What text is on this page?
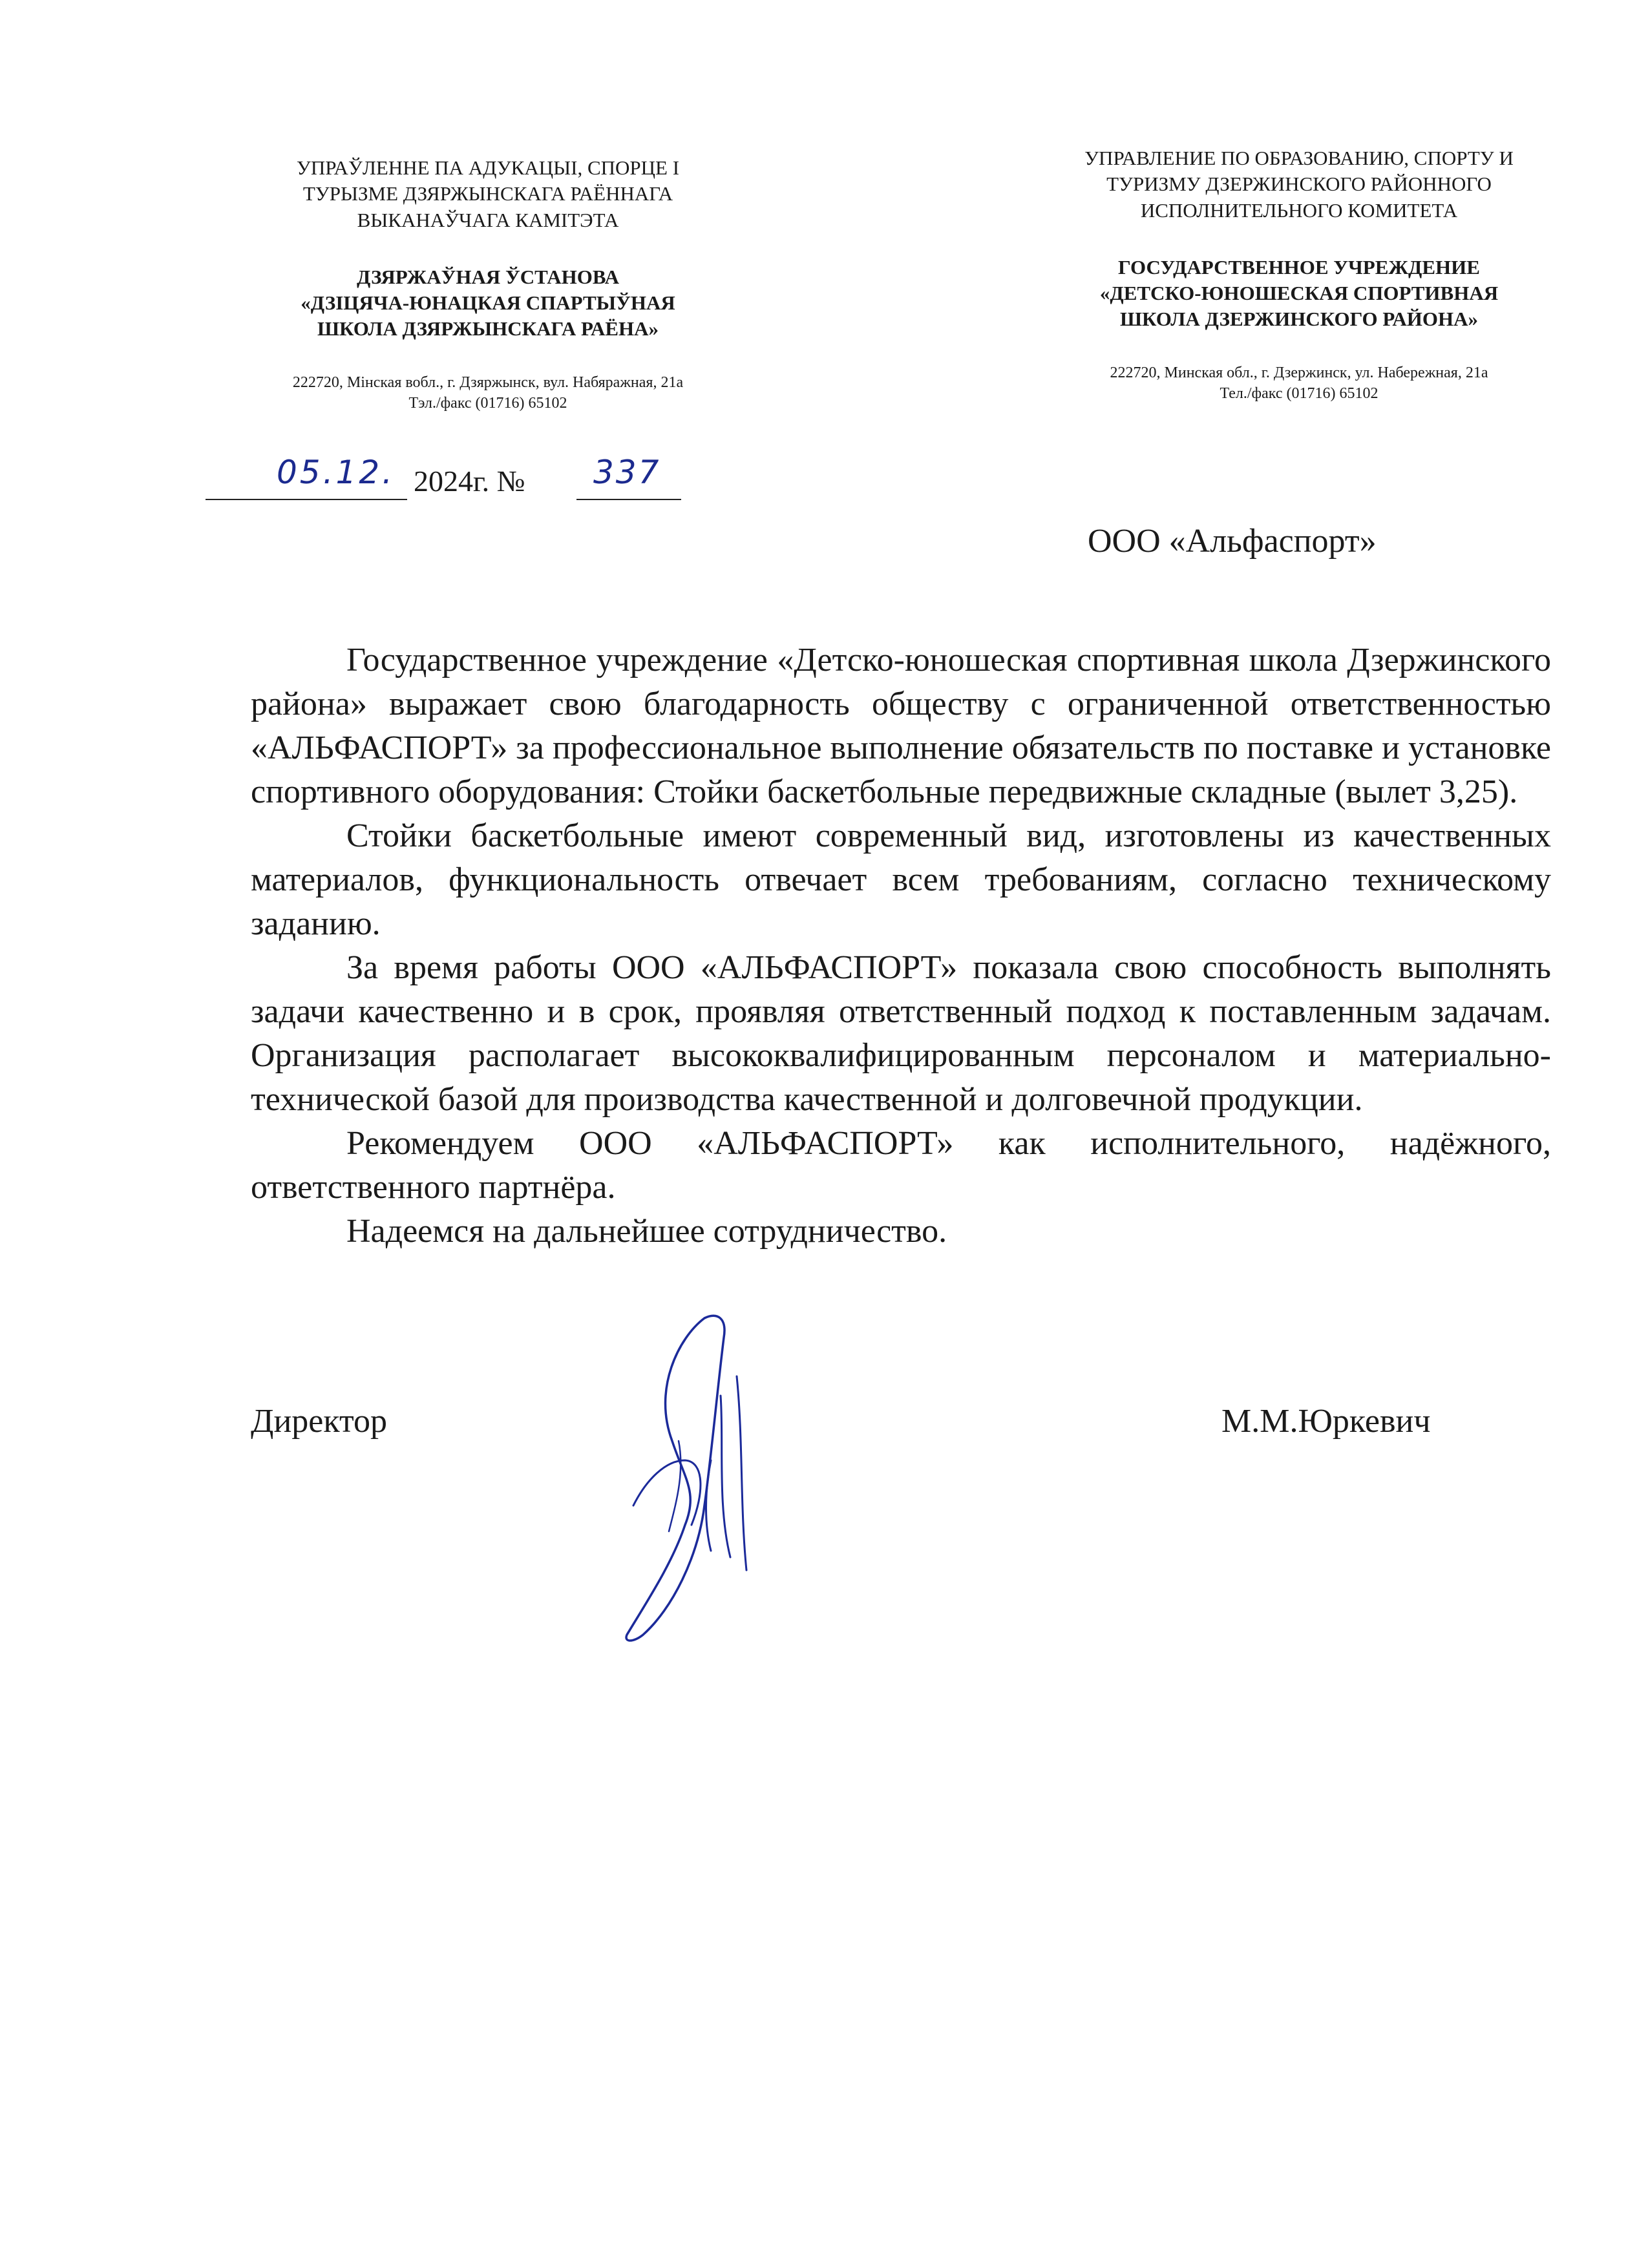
УПРАЎЛЕННЕ ПА АДУКАЦЫІ, СПОРЦЕ І
ТУРЫЗМЕ ДЗЯРЖЫНСКАГА РАЁННАГА
ВЫКАНАЎЧАГА КАМІТЭТА

ДЗЯРЖАЎНАЯ ЎСТАНОВА
«ДЗІЦЯЧА-ЮНАЦКАЯ СПАРТЫЎНАЯ
ШКОЛА ДЗЯРЖЫНСКАГА РАЁНА»

222720, Мінская вобл., г. Дзяржынск, вул. Набяражная, 21а
Тэл./факс (01716) 65102

УПРАВЛЕНИЕ ПО ОБРАЗОВАНИЮ, СПОРТУ И
ТУРИЗМУ ДЗЕРЖИНСКОГО РАЙОННОГО
ИСПОЛНИТЕЛЬНОГО КОМИТЕТА

ГОСУДАРСТВЕННОЕ УЧРЕЖДЕНИЕ
«ДЕТСКО-ЮНОШЕСКАЯ СПОРТИВНАЯ
ШКОЛА ДЗЕРЖИНСКОГО РАЙОНА»

222720, Минская обл., г. Дзержинск, ул. Набережная, 21а
Тел./факс (01716) 65102

05.12. 2024г. № 337
ООО «Альфаспорт»

Государственное учреждение «Детско-юношеская спортивная школа Дзержинского района» выражает свою благодарность обществу с ограниченной ответственностью «АЛЬФАСПОРТ» за профессиональное выполнение обязательств по поставке и установке спортивного оборудования: Стойки баскетбольные передвижные складные (вылет 3,25).

Стойки баскетбольные имеют современный вид, изготовлены из качественных материалов, функциональность отвечает всем требованиям, согласно техническому заданию.

За время работы ООО «АЛЬФАСПОРТ» показала свою способность выполнять задачи качественно и в срок, проявляя ответственный подход к поставленным задачам. Организация располагает высококвалифицированным персоналом и материально-технической базой для производства качественной и долговечной продукции.

Рекомендуем ООО «АЛЬФАСПОРТ» как исполнительного, надёжного, ответственного партнёра.

Надеемся на дальнейшее сотрудничество.

Директор	М.М.Юркевич
